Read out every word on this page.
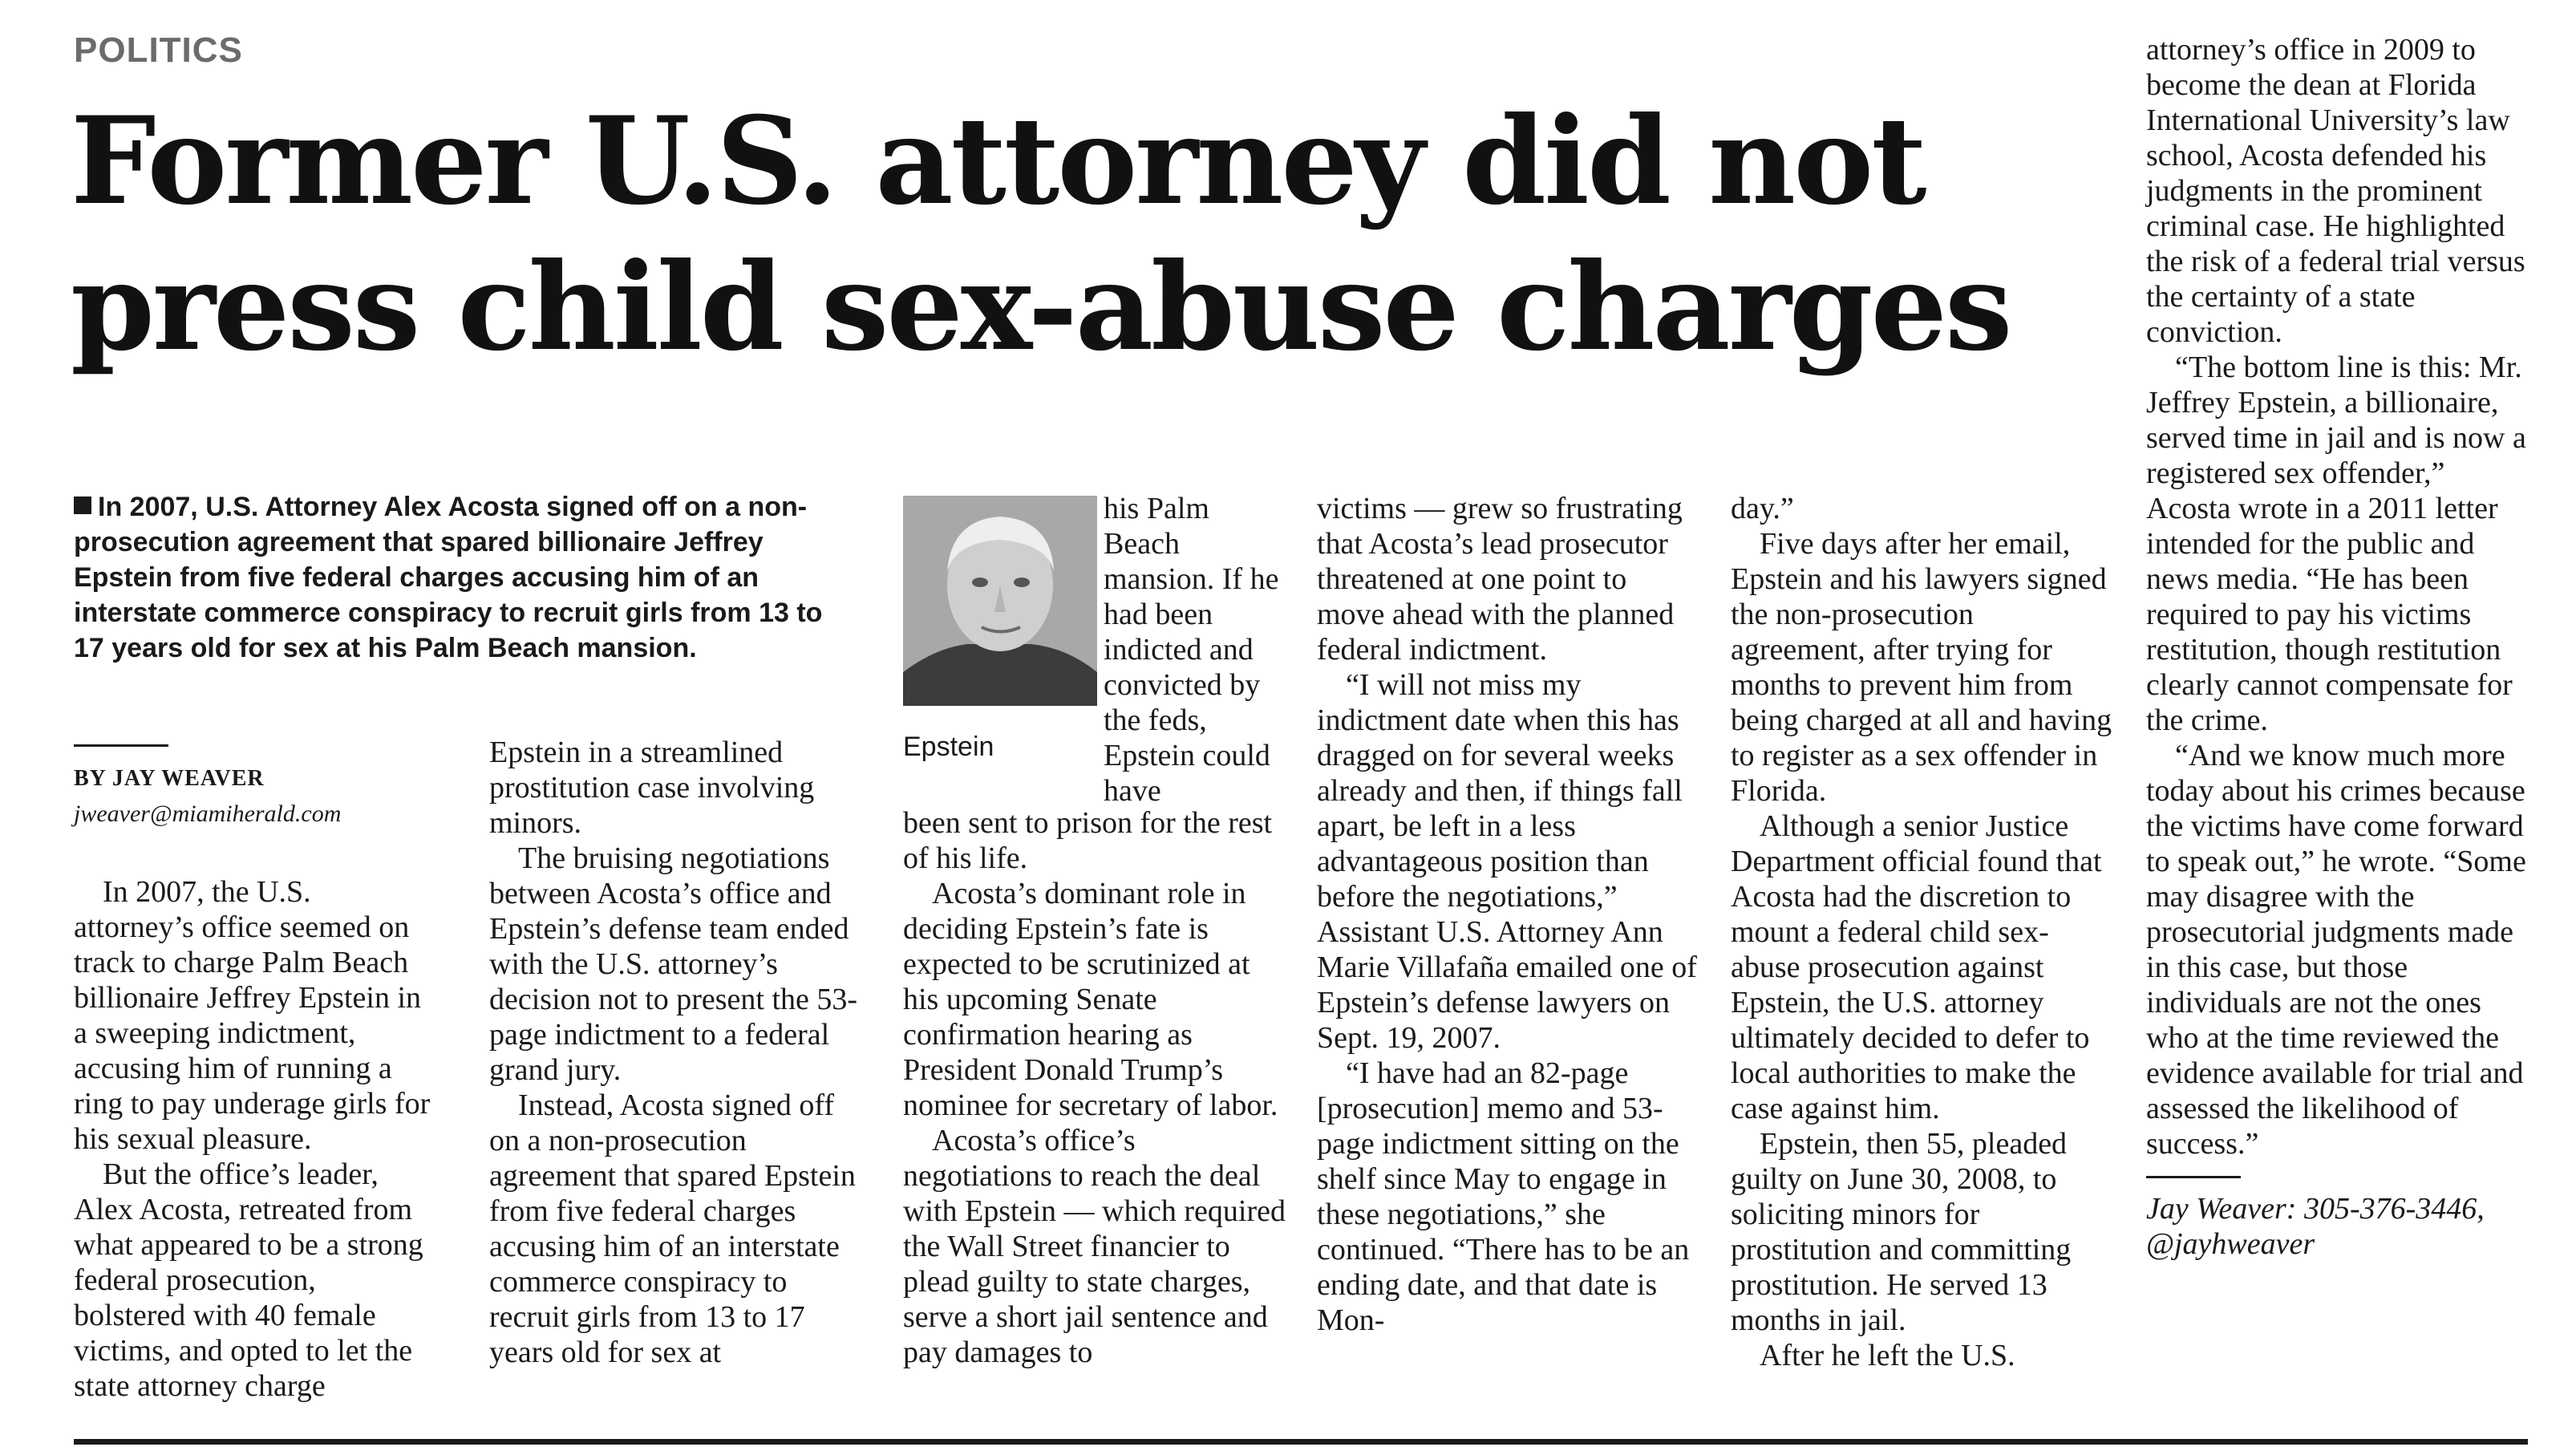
POLITICS
Former U.S. attorney did not
press child sex-abuse charges
In 2007, U.S. Attorney Alex Acosta signed off on a non-prosecution agreement that spared billionaire Jeffrey Epstein from five federal charges accusing him of an interstate commerce conspiracy to recruit girls from 13 to 17 years old for sex at his Palm Beach mansion.
BY JAY WEAVER
jweaver@miamiherald.com

In 2007, the U.S. attorney’s office seemed on track to charge Palm Beach billionaire Jeffrey Epstein in a sweeping indictment, accusing him of running a ring to pay underage girls for his sexual pleasure.

But the office’s leader, Alex Acosta, retreated from what appeared to be a strong federal prosecution, bolstered with 40 female victims, and opted to let the state attorney charge

Epstein in a streamlined prostitution case involving minors.

The bruising negotiations between Acosta’s office and Epstein’s defense team ended with the U.S. attorney’s decision not to present the 53-page indictment to a federal grand jury.

Instead, Acosta signed off on a non-prosecution agreement that spared Epstein from five federal charges accusing him of an interstate commerce conspiracy to recruit girls from 13 to 17 years old for sex at

Epstein

his Palm Beach mansion. If he had been indicted and convicted by the feds, Epstein could have

been sent to prison for the rest of his life.

Acosta’s dominant role in deciding Epstein’s fate is expected to be scrutinized at his upcoming Senate confirmation hearing as President Donald Trump’s nominee for secretary of labor.

Acosta’s office’s negotiations to reach the deal with Epstein — which required the Wall Street financier to plead guilty to state charges, serve a short jail sentence and pay damages to

victims — grew so frustrating that Acosta’s lead prosecutor threatened at one point to move ahead with the planned federal indictment.

“I will not miss my indictment date when this has dragged on for several weeks already and then, if things fall apart, be left in a less advantageous position than before the negotiations,” Assistant U.S. Attorney Ann Marie Villafaña emailed one of Epstein’s defense lawyers on Sept. 19, 2007.

“I have had an 82-page [prosecution] memo and 53-page indictment sitting on the shelf since May to engage in these negotiations,” she continued. “There has to be an ending date, and that date is Mon-

day.”

Five days after her email, Epstein and his lawyers signed the non-prosecution agreement, after trying for months to prevent him from being charged at all and having to register as a sex offender in Florida.

Although a senior Justice Department official found that Acosta had the discretion to mount a federal child sex-abuse prosecution against Epstein, the U.S. attorney ultimately decided to defer to local authorities to make the case against him.

Epstein, then 55, pleaded guilty on June 30, 2008, to soliciting minors for prostitution and committing prostitution. He served 13 months in jail.

After he left the U.S.

attorney’s office in 2009 to become the dean at Florida International University’s law school, Acosta defended his judgments in the prominent criminal case. He highlighted the risk of a federal trial versus the certainty of a state conviction.

“The bottom line is this: Mr. Jeffrey Epstein, a billionaire, served time in jail and is now a registered sex offender,” Acosta wrote in a 2011 letter intended for the public and news media. “He has been required to pay his victims restitution, though restitution clearly cannot compensate for the crime.

“And we know much more today about his crimes because the victims have come forward to speak out,” he wrote. “Some may disagree with the prosecutorial judgments made in this case, but those individuals are not the ones who at the time reviewed the evidence available for trial and assessed the likelihood of success.”

Jay Weaver: 305-376-3446, @jayhweaver
